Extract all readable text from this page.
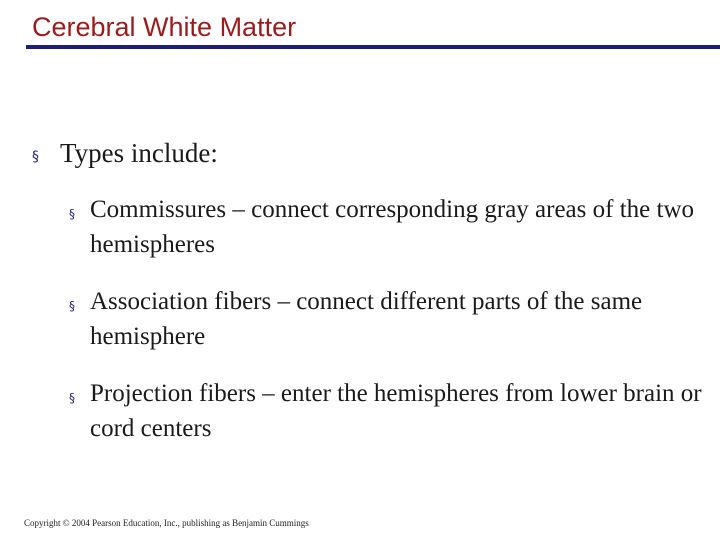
Cerebral White Matter
§ Types include:
§ Commissures – connect corresponding gray areas of the two hemispheres
§ Association fibers – connect different parts of the same hemisphere
§ Projection fibers – enter the hemispheres from lower brain or cord centers
Copyright © 2004 Pearson Education, Inc., publishing as Benjamin Cummings
